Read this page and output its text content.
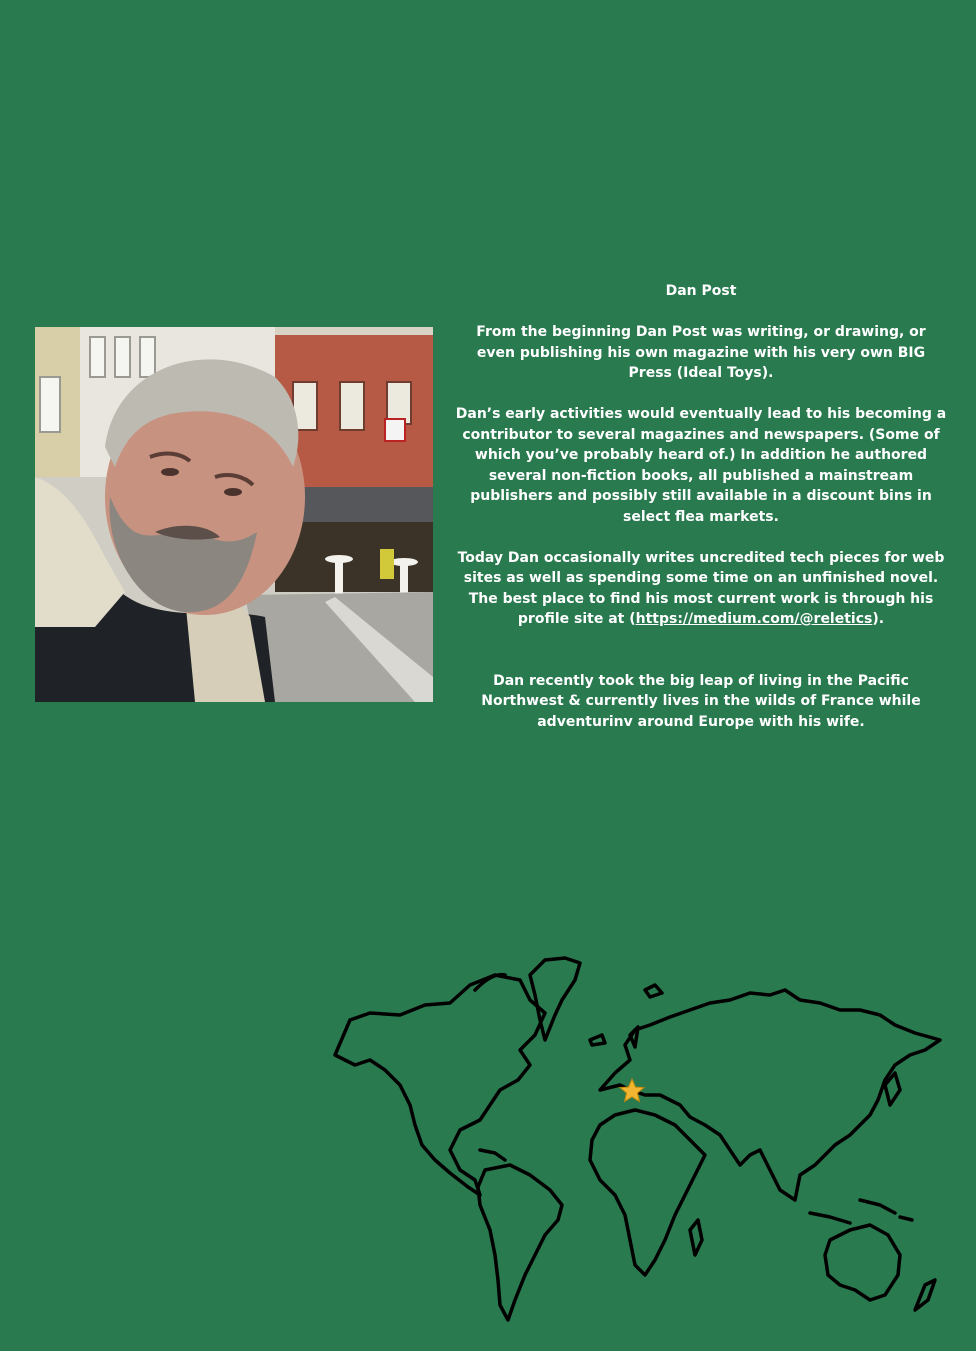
Dan Post

From the beginning Dan Post was writing, or drawing, or even publishing his own magazine with his very own BIG Press (Ideal Toys).

Dan’s early activities would eventually lead to his becoming a contributor to several magazines and newspapers. (Some of which you’ve probably heard of.) In addition he authored several non-fiction books, all published a mainstream publishers and possibly still available in a discount bins in select flea markets.

Today Dan occasionally writes uncredited tech pieces for web sites as well as spending some time on an unfinished novel. The best place to find his most current work is through his profile site at (https://medium.com/@reletics).

Dan recently took the big leap of living in the Pacific Northwest & currently lives in the wilds of France while adventurinv around Europe with his wife.
